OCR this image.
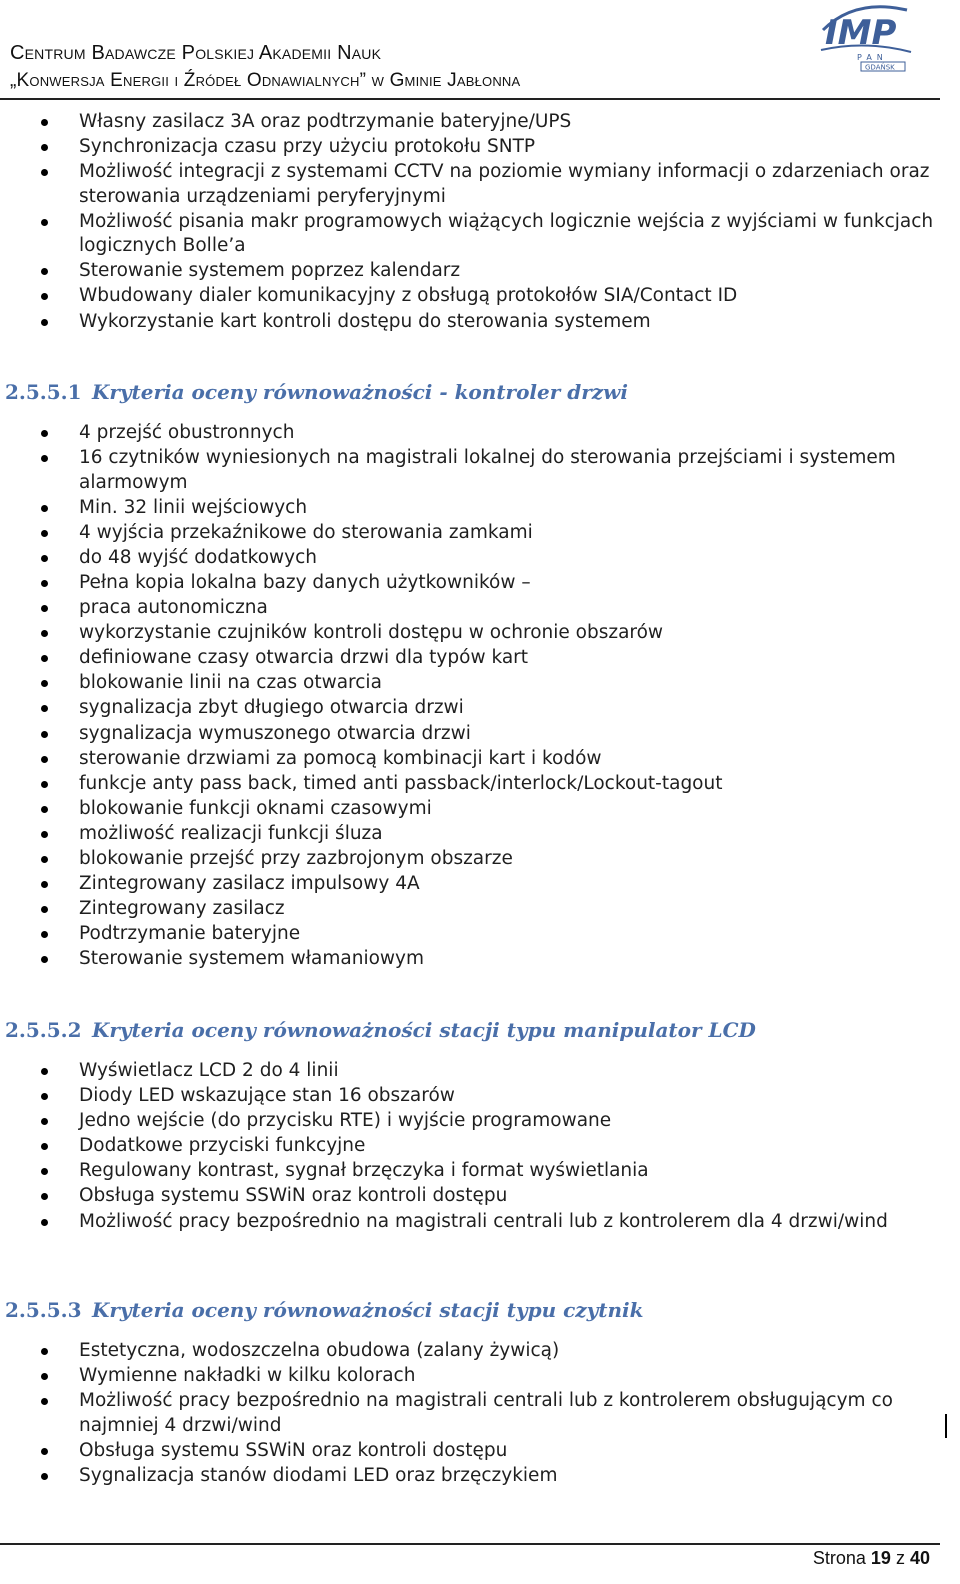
Centrum Badawcze Polskiej Akademii Nauk
„Konwersja Energii i Źródeł Odnawialnych” w Gminie Jabłonna
IMP
PAN
GDAŃSK
Własny zasilacz 3A oraz podtrzymanie bateryjne/UPS
Synchronizacja czasu przy użyciu protokołu SNTP
Możliwość integracji z systemami CCTV na poziomie wymiany informacji o zdarzeniach oraz sterowania urządzeniami peryferyjnymi
Możliwość pisania makr programowych wiążących logicznie wejścia z wyjściami w funkcjach logicznych Bolle’a
Sterowanie systemem poprzez kalendarz
Wbudowany dialer komunikacyjny z obsługą protokołów SIA/Contact ID
Wykorzystanie kart kontroli dostępu do sterowania systemem
2.5.5.1 Kryteria oceny równoważności - kontroler drzwi
4 przejść obustronnych
16 czytników wyniesionych na magistrali lokalnej do sterowania przejściami i systemem alarmowym
Min. 32 linii wejściowych
4 wyjścia przekaźnikowe do sterowania zamkami
do 48 wyjść dodatkowych
Pełna kopia lokalna bazy danych użytkowników –
praca autonomiczna
wykorzystanie czujników kontroli dostępu w ochronie obszarów
definiowane czasy otwarcia drzwi dla typów kart
blokowanie linii na czas otwarcia
sygnalizacja zbyt długiego otwarcia drzwi
sygnalizacja wymuszonego otwarcia drzwi
sterowanie drzwiami za pomocą kombinacji kart i kodów
funkcje anty pass back, timed anti passback/interlock/Lockout-tagout
blokowanie funkcji oknami czasowymi
możliwość realizacji funkcji śluza
blokowanie przejść przy zazbrojonym obszarze
Zintegrowany zasilacz impulsowy 4A
Zintegrowany zasilacz
Podtrzymanie bateryjne
Sterowanie systemem włamaniowym
2.5.5.2 Kryteria oceny równoważności stacji typu manipulator LCD
Wyświetlacz LCD 2 do 4 linii
Diody LED wskazujące stan 16 obszarów
Jedno wejście (do przycisku RTE) i wyjście programowane
Dodatkowe przyciski funkcyjne
Regulowany kontrast, sygnał brzęczyka i format wyświetlania
Obsługa systemu SSWiN oraz kontroli dostępu
Możliwość pracy bezpośrednio na magistrali centrali lub z kontrolerem dla 4 drzwi/wind
2.5.5.3 Kryteria oceny równoważności stacji typu czytnik
Estetyczna, wodoszczelna obudowa (zalany żywicą)
Wymienne nakładki w kilku kolorach
Możliwość pracy bezpośrednio na magistrali centrali lub z kontrolerem obsługującym co najmniej 4 drzwi/wind
Obsługa systemu SSWiN oraz kontroli dostępu
Sygnalizacja stanów diodami LED oraz brzęczykiem
Strona 19 z 40
